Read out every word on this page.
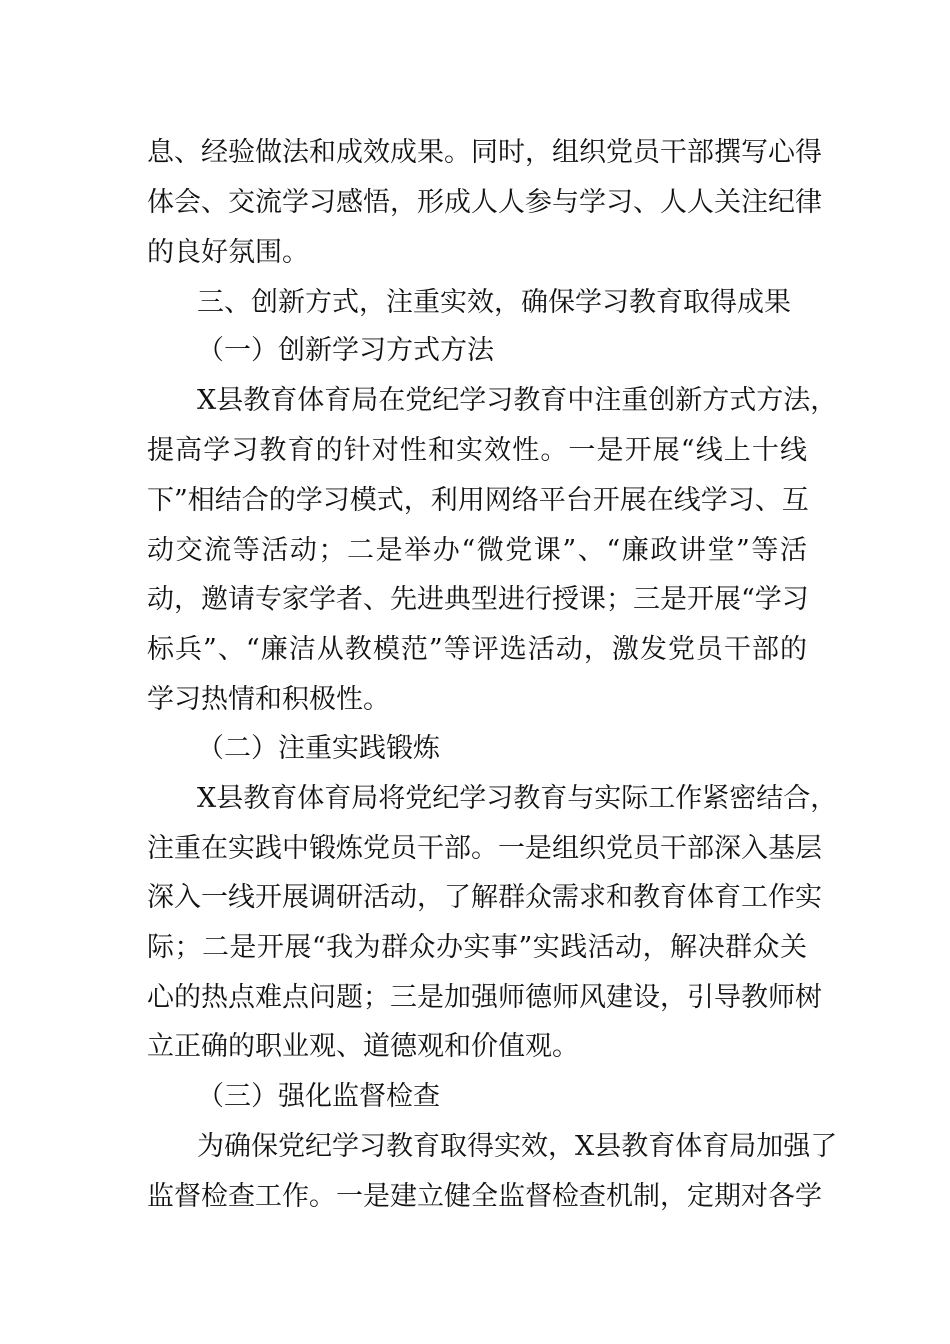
息、经验做法和成效成果。同时，组织党员干部撰写心得
体会、交流学习感悟，形成人人参与学习、人人关注纪律
的良好氛围。
三、创新方式，注重实效，确保学习教育取得成果
（一）创新学习方式方法
X县教育体育局在党纪学习教育中注重创新方式方法，
提高学习教育的针对性和实效性。一是开展“线上十线
下”相结合的学习模式，利用网络平台开展在线学习、互
动交流等活动；二是举办“微党课”、“廉政讲堂”等活
动，邀请专家学者、先进典型进行授课；三是开展“学习
标兵”、“廉洁从教模范”等评选活动，激发党员干部的
学习热情和积极性。
（二）注重实践锻炼
X县教育体育局将党纪学习教育与实际工作紧密结合，
注重在实践中锻炼党员干部。一是组织党员干部深入基层
深入一线开展调研活动，了解群众需求和教育体育工作实
际；二是开展“我为群众办实事”实践活动，解决群众关
心的热点难点问题；三是加强师德师风建设，引导教师树
立正确的职业观、道德观和价值观。
（三）强化监督检查
为确保党纪学习教育取得实效，X县教育体育局加强了
监督检查工作。一是建立健全监督检查机制，定期对各学
